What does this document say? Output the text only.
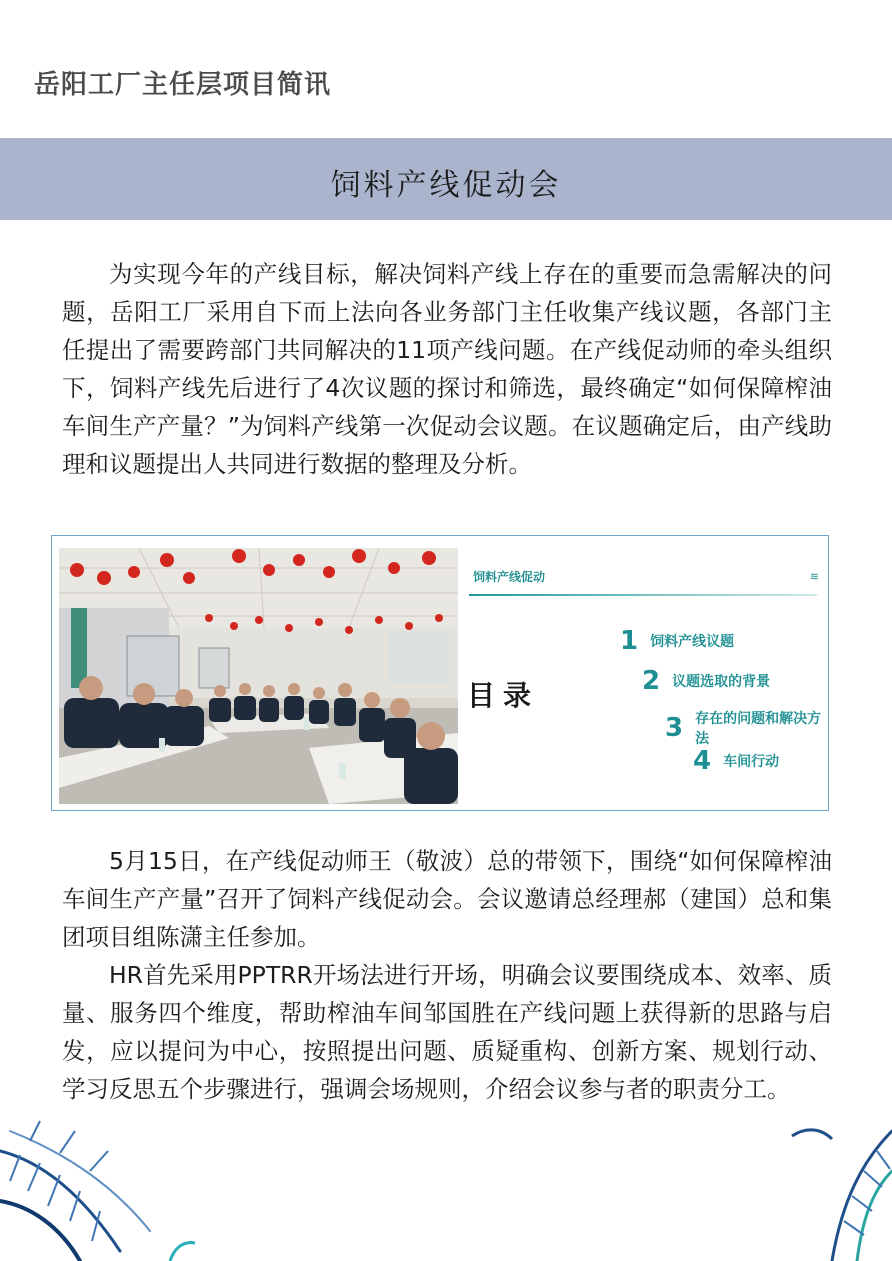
岳阳工厂主任层项目简讯
饲料产线促动会

为实现今年的产线目标，解决饲料产线上存在的重要而急需解决的问题，岳阳工厂采用自下而上法向各业务部门主任收集产线议题，各部门主任提出了需要跨部门共同解决的11项产线问题。在产线促动师的牵头组织下，饲料产线先后进行了4次议题的探讨和筛选，最终确定“如何保障榨油车间生产产量？”为饲料产线第一次促动会议题。在议题确定后，由产线助理和议题提出人共同进行数据的整理及分析。

饲料产线促动	≋
目录
1 饲料产线议题
2 议题选取的背景
3 存在的问题和解决方法
4 车间行动

5月15日，在产线促动师王（敬波）总的带领下，围绕“如何保障榨油车间生产产量”召开了饲料产线促动会。会议邀请总经理郝（建国）总和集团项目组陈潇主任参加。

HR首先采用PPTRR开场法进行开场，明确会议要围绕成本、效率、质量、服务四个维度，帮助榨油车间邹国胜在产线问题上获得新的思路与启发，应以提问为中心，按照提出问题、质疑重构、创新方案、规划行动、学习反思五个步骤进行，强调会场规则，介绍会议参与者的职责分工。
